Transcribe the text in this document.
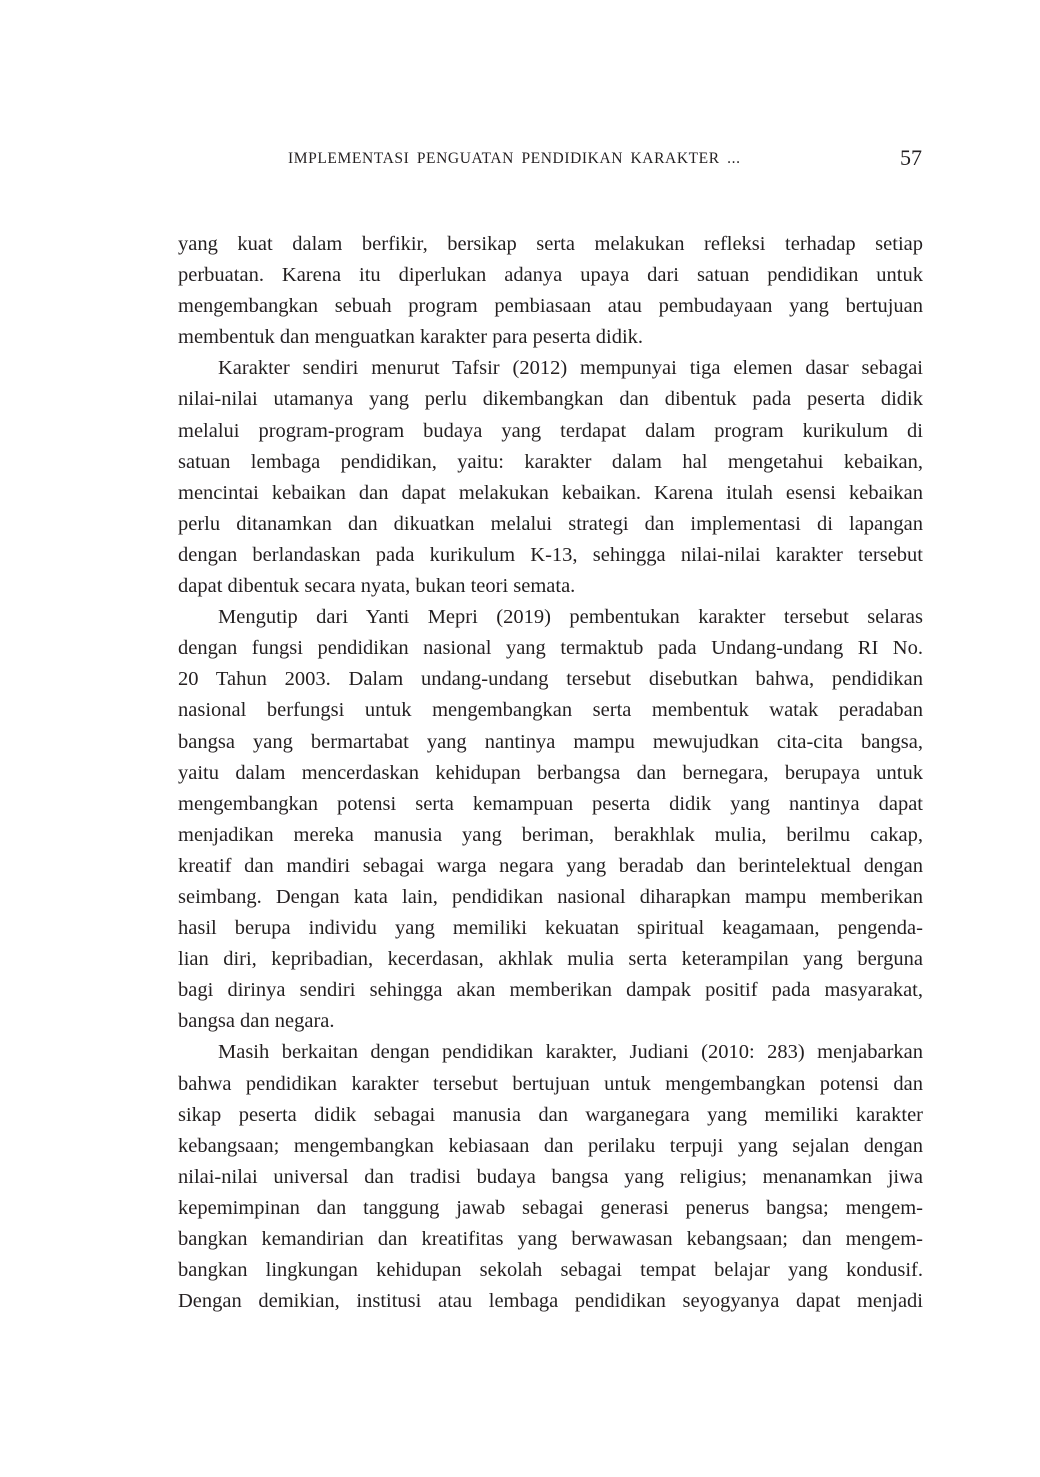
IMPLEMENTASI PENGUATAN PENDIDIKAN KARAKTER ...	57
yang kuat dalam berfikir, bersikap serta melakukan refleksi terhadap setiap
perbuatan. Karena itu diperlukan adanya upaya dari satuan pendidikan untuk
mengembangkan sebuah program pembiasaan atau pembudayaan yang bertujuan
membentuk dan menguatkan karakter para peserta didik.
Karakter sendiri menurut Tafsir (2012) mempunyai tiga elemen dasar sebagai
nilai-nilai utamanya yang perlu dikembangkan dan dibentuk pada peserta didik
melalui program-program budaya yang terdapat dalam program kurikulum di
satuan lembaga pendidikan, yaitu: karakter dalam hal mengetahui kebaikan,
mencintai kebaikan dan dapat melakukan kebaikan. Karena itulah esensi kebaikan
perlu ditanamkan dan dikuatkan melalui strategi dan implementasi di lapangan
dengan berlandaskan pada kurikulum K-13, sehingga nilai-nilai karakter tersebut
dapat dibentuk secara nyata, bukan teori semata.
Mengutip dari Yanti Mepri (2019) pembentukan karakter tersebut selaras
dengan fungsi pendidikan nasional yang termaktub pada Undang-undang RI No.
20 Tahun 2003. Dalam undang-undang tersebut disebutkan bahwa, pendidikan
nasional berfungsi untuk mengembangkan serta membentuk watak peradaban
bangsa yang bermartabat yang nantinya mampu mewujudkan cita-cita bangsa,
yaitu dalam mencerdaskan kehidupan berbangsa dan bernegara, berupaya untuk
mengembangkan potensi serta kemampuan peserta didik yang nantinya dapat
menjadikan mereka manusia yang beriman, berakhlak mulia, berilmu cakap,
kreatif dan mandiri sebagai warga negara yang beradab dan berintelektual dengan
seimbang. Dengan kata lain, pendidikan nasional diharapkan mampu memberikan
hasil berupa individu yang memiliki kekuatan spiritual keagamaan, pengenda-
lian diri, kepribadian, kecerdasan, akhlak mulia serta keterampilan yang berguna
bagi dirinya sendiri sehingga akan memberikan dampak positif pada masyarakat,
bangsa dan negara.
Masih berkaitan dengan pendidikan karakter, Judiani (2010: 283) menjabarkan
bahwa pendidikan karakter tersebut bertujuan untuk mengembangkan potensi dan
sikap peserta didik sebagai manusia dan warganegara yang memiliki karakter
kebangsaan; mengembangkan kebiasaan dan perilaku terpuji yang sejalan dengan
nilai-nilai universal dan tradisi budaya bangsa yang religius; menanamkan jiwa
kepemimpinan dan tanggung jawab sebagai generasi penerus bangsa; mengem-
bangkan kemandirian dan kreatifitas yang berwawasan kebangsaan; dan mengem-
bangkan lingkungan kehidupan sekolah sebagai tempat belajar yang kondusif.
Dengan demikian, institusi atau lembaga pendidikan seyogyanya dapat menjadi
